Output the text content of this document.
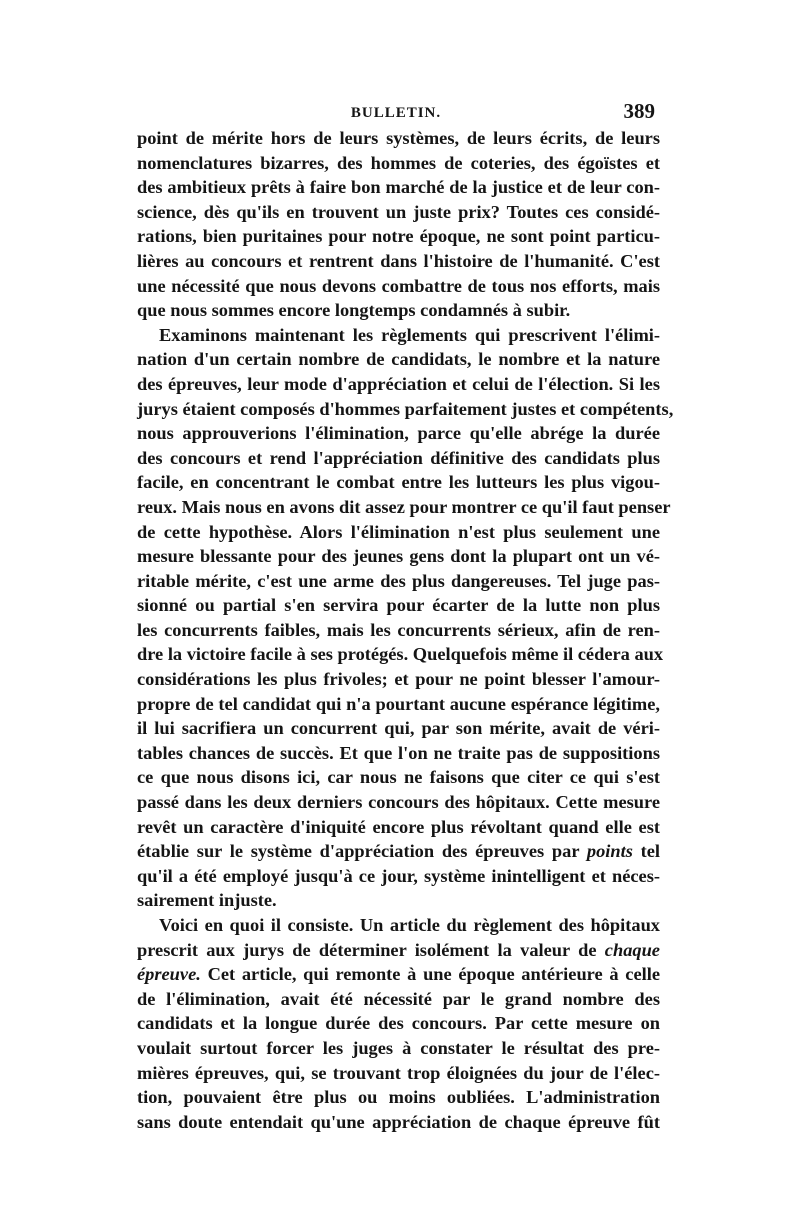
BULLETIN.	389
point de mérite hors de leurs systèmes, de leurs écrits, de leurs
nomenclatures bizarres, des hommes de coteries, des égoïstes et
des ambitieux prêts à faire bon marché de la justice et de leur con-
science, dès qu'ils en trouvent un juste prix? Toutes ces considé-
rations, bien puritaines pour notre époque, ne sont point particu-
lières au concours et rentrent dans l'histoire de l'humanité. C'est
une nécessité que nous devons combattre de tous nos efforts, mais
que nous sommes encore longtemps condamnés à subir.
Examinons maintenant les règlements qui prescrivent l'élimi-
nation d'un certain nombre de candidats, le nombre et la nature
des épreuves, leur mode d'appréciation et celui de l'élection. Si les
jurys étaient composés d'hommes parfaitement justes et compétents,
nous approuverions l'élimination, parce qu'elle abrége la durée
des concours et rend l'appréciation définitive des candidats plus
facile, en concentrant le combat entre les lutteurs les plus vigou-
reux. Mais nous en avons dit assez pour montrer ce qu'il faut penser
de cette hypothèse. Alors l'élimination n'est plus seulement une
mesure blessante pour des jeunes gens dont la plupart ont un vé-
ritable mérite, c'est une arme des plus dangereuses. Tel juge pas-
sionné ou partial s'en servira pour écarter de la lutte non plus
les concurrents faibles, mais les concurrents sérieux, afin de ren-
dre la victoire facile à ses protégés. Quelquefois même il cédera aux
considérations les plus frivoles; et pour ne point blesser l'amour-
propre de tel candidat qui n'a pourtant aucune espérance légitime,
il lui sacrifiera un concurrent qui, par son mérite, avait de véri-
tables chances de succès. Et que l'on ne traite pas de suppositions
ce que nous disons ici, car nous ne faisons que citer ce qui s'est
passé dans les deux derniers concours des hôpitaux. Cette mesure
revêt un caractère d'iniquité encore plus révoltant quand elle est
établie sur le système d'appréciation des épreuves par points tel
qu'il a été employé jusqu'à ce jour, système inintelligent et néces-
sairement injuste.
Voici en quoi il consiste. Un article du règlement des hôpitaux
prescrit aux jurys de déterminer isolément la valeur de chaque
épreuve. Cet article, qui remonte à une époque antérieure à celle
de l'élimination, avait été nécessité par le grand nombre des
candidats et la longue durée des concours. Par cette mesure on
voulait surtout forcer les juges à constater le résultat des pre-
mières épreuves, qui, se trouvant trop éloignées du jour de l'élec-
tion, pouvaient être plus ou moins oubliées. L'administration
sans doute entendait qu'une appréciation de chaque épreuve fût
